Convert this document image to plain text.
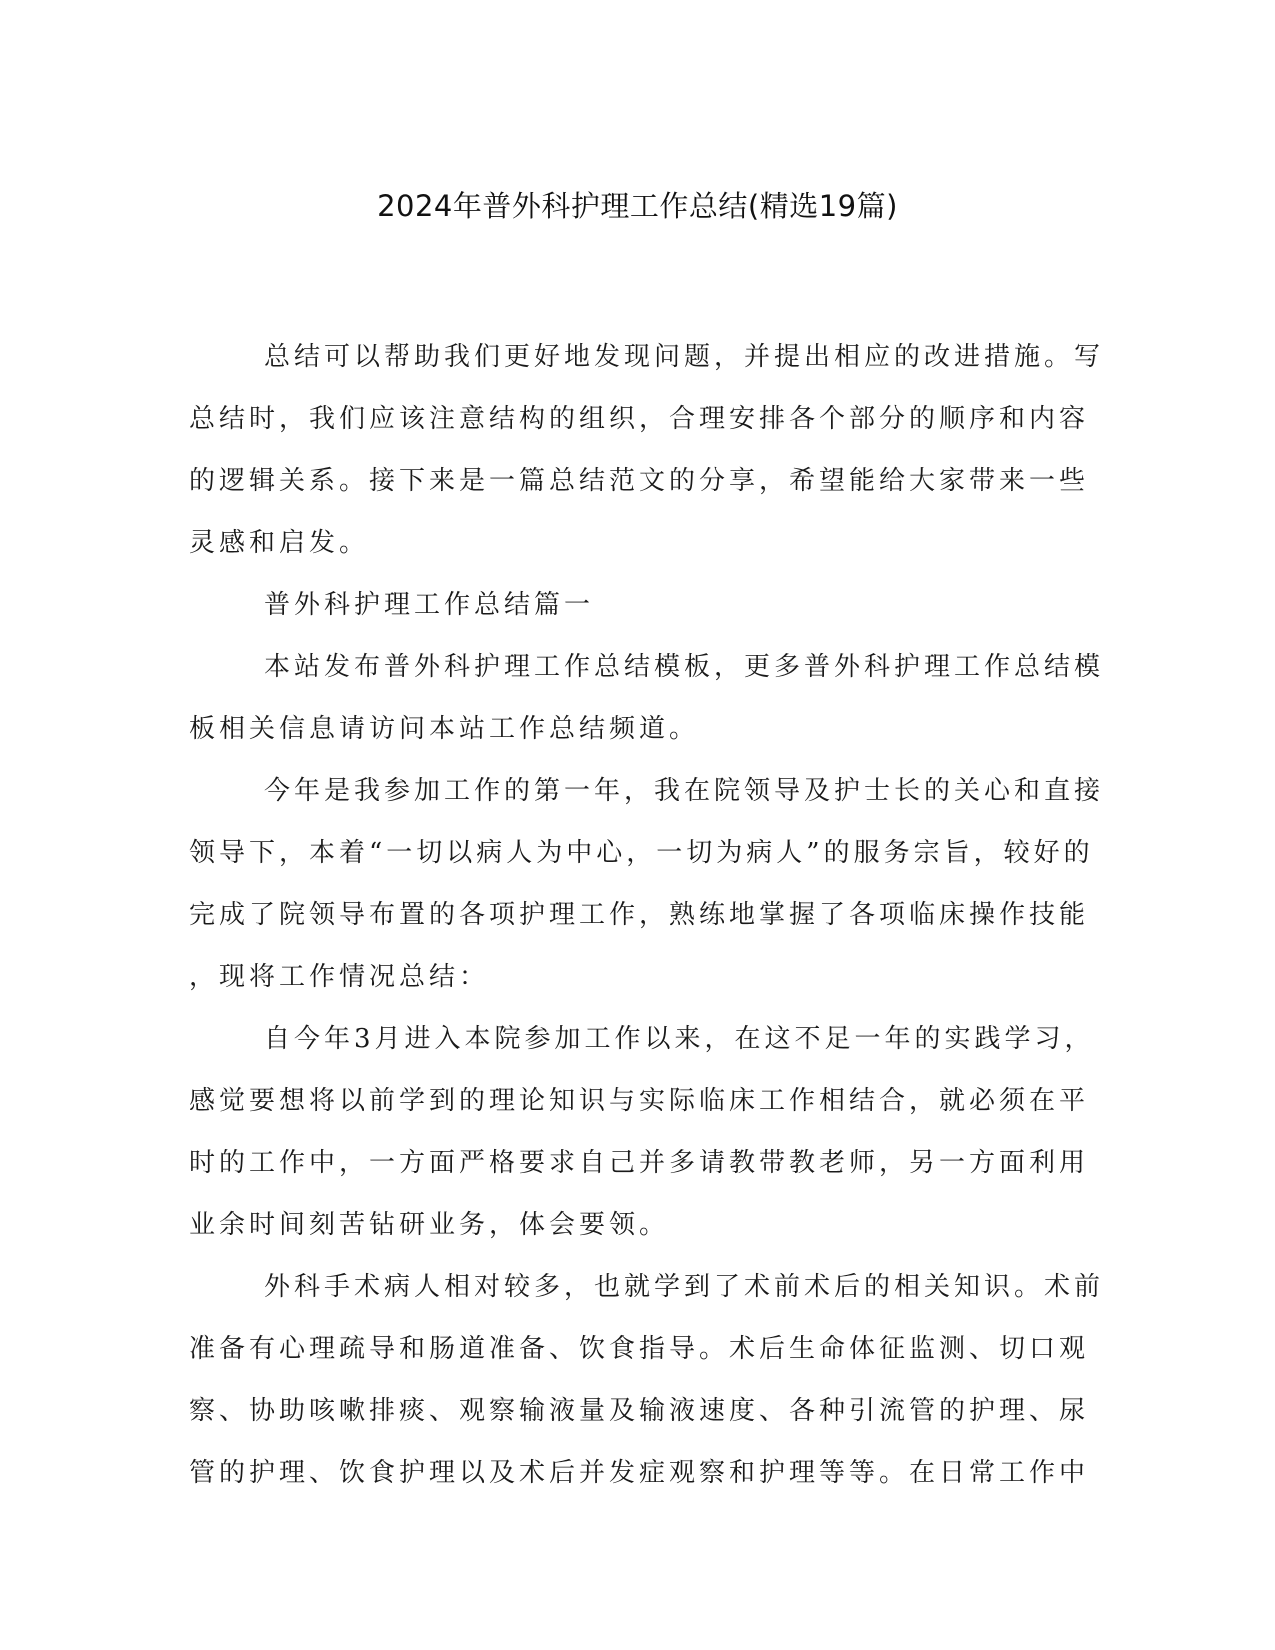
2024年普外科护理工作总结(精选19篇)
总结可以帮助我们更好地发现问题，并提出相应的改进措施。写
总结时，我们应该注意结构的组织，合理安排各个部分的顺序和内容
的逻辑关系。接下来是一篇总结范文的分享，希望能给大家带来一些
灵感和启发。
普外科护理工作总结篇一
本站发布普外科护理工作总结模板，更多普外科护理工作总结模
板相关信息请访问本站工作总结频道。
今年是我参加工作的第一年，我在院领导及护士长的关心和直接
领导下，本着“一切以病人为中心，一切为病人”的服务宗旨，较好的
完成了院领导布置的各项护理工作，熟练地掌握了各项临床操作技能
，现将工作情况总结：
自今年3月进入本院参加工作以来，在这不足一年的实践学习，
感觉要想将以前学到的理论知识与实际临床工作相结合，就必须在平
时的工作中，一方面严格要求自己并多请教带教老师，另一方面利用
业余时间刻苦钻研业务，体会要领。
外科手术病人相对较多，也就学到了术前术后的相关知识。术前
准备有心理疏导和肠道准备、饮食指导。术后生命体征监测、切口观
察、协助咳嗽排痰、观察输液量及输液速度、各种引流管的护理、尿
管的护理、饮食护理以及术后并发症观察和护理等等。在日常工作中
